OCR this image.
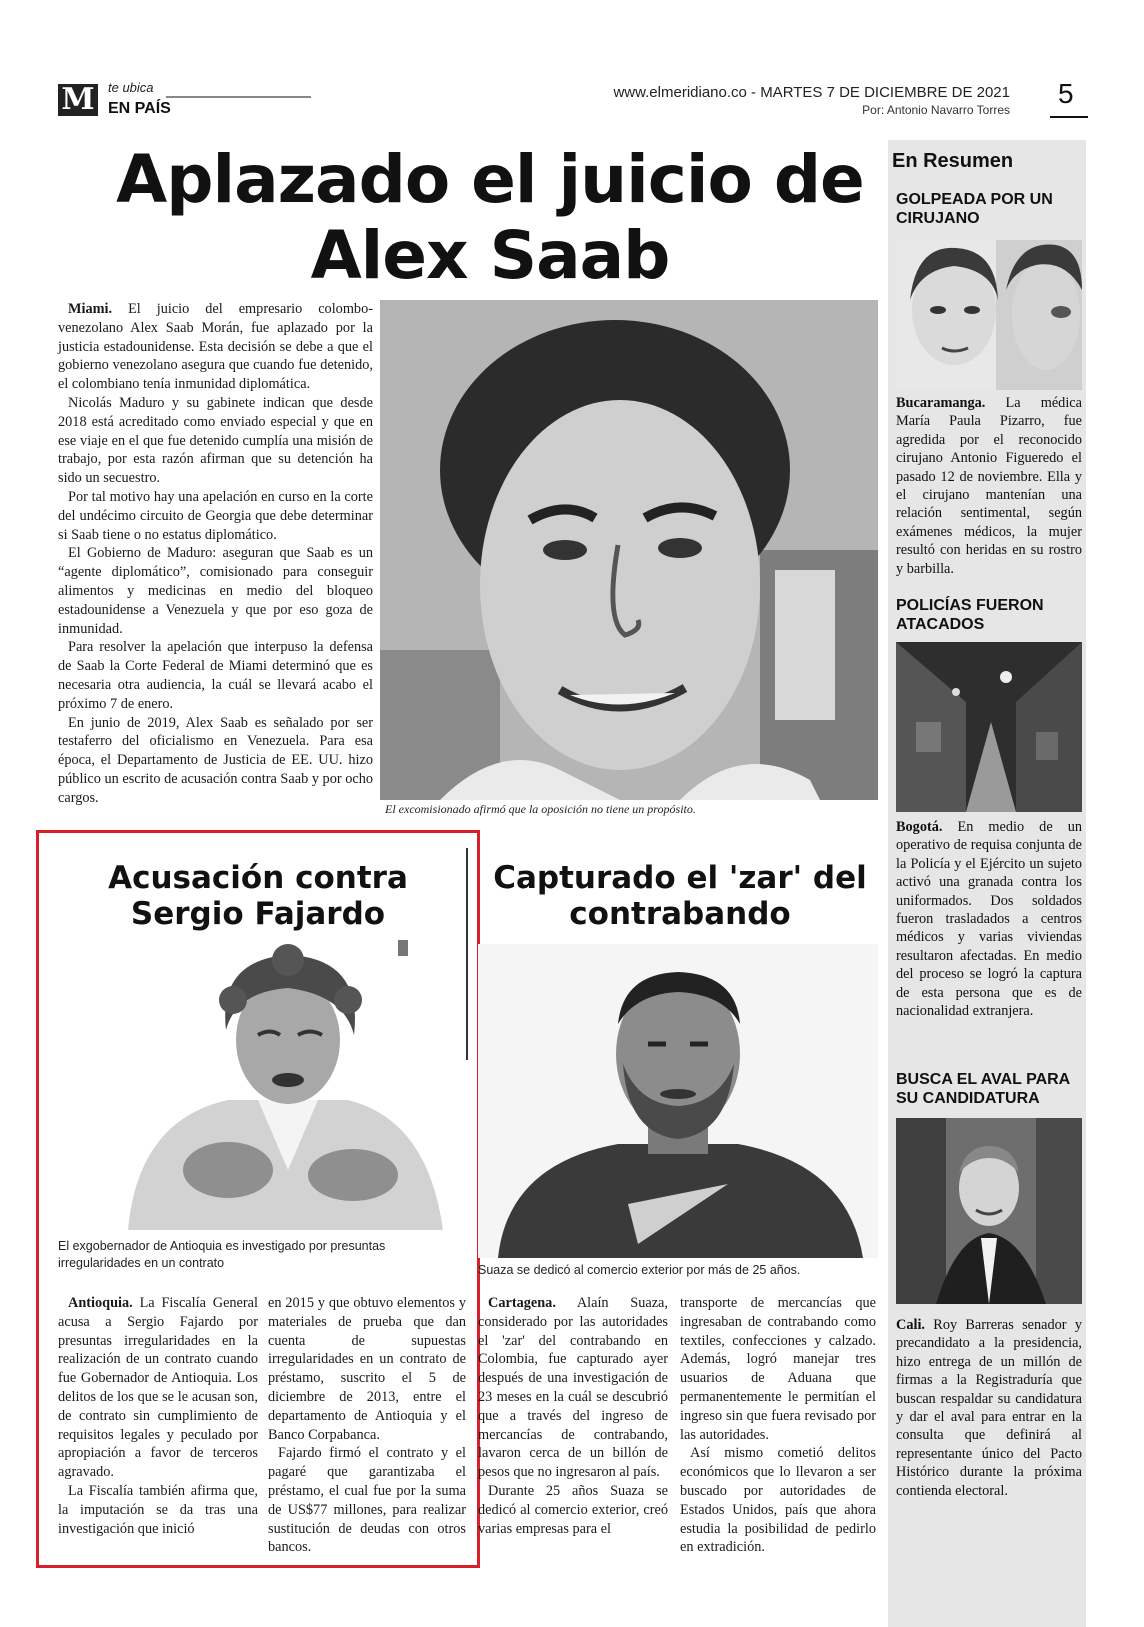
M te ubica
EN PAÍS
www.elmeridiano.co - MARTES 7 DE DICIEMBRE DE 2021
Por: Antonio Navarro Torres
5
Aplazado el juicio de Alex Saab

Miami. El juicio del empresario colombo-venezolano Alex Saab Morán, fue aplazado por la justicia estadounidense. Esta decisión se debe a que el gobierno venezolano asegura que cuando fue detenido, el colombiano tenía inmunidad diplomática.

Nicolás Maduro y su gabinete indican que desde 2018 está acreditado como enviado especial y que en ese viaje en el que fue detenido cumplía una misión de trabajo, por esta razón afirman que su detención ha sido un secuestro.

Por tal motivo hay una apelación en curso en la corte del undécimo circuito de Georgia que debe determinar si Saab tiene o no estatus diplomático.

El Gobierno de Maduro: aseguran que Saab es un “agente diplomático”, comisionado para conseguir alimentos y medicinas en medio del bloqueo estadounidense a Venezuela y que por eso goza de inmunidad.

Para resolver la apelación que interpuso la defensa de Saab la Corte Federal de Miami determinó que es necesaria otra audiencia, la cuál se llevará acabo el próximo 7 de enero.

En junio de 2019, Alex Saab es señalado por ser testaferro del oficialismo en Venezuela. Para esa época, el Departamento de Justicia de EE. UU. hizo público un escrito de acusación contra Saab y por ocho cargos.

El excomisionado afirmó que la oposición no tiene un propósito.
En Resumen
GOLPEADA POR UN CIRUJANO
Bucaramanga. La médica María Paula Pizarro, fue agredida por el reconocido cirujano Antonio Figueredo el pasado 12 de noviembre. Ella y el cirujano mantenían una relación sentimental, según exámenes médicos, la mujer resultó con heridas en su rostro y barbilla.
POLICÍAS FUERON ATACADOS
Bogotá. En medio de un operativo de requisa conjunta de la Policía y el Ejército un sujeto activó una granada contra los uniformados. Dos soldados fueron trasladados a centros médicos y varias viviendas resultaron afectadas. En medio del proceso se logró la captura de esta persona que es de nacionalidad extranjera.
BUSCA EL AVAL PARA SU CANDIDATURA
Cali. Roy Barreras senador y precandidato a la presidencia, hizo entrega de un millón de firmas a la Registraduría que buscan respaldar su candidatura y dar el aval para entrar en la consulta que definirá al representante único del Pacto Histórico durante la próxima contienda electoral.
Acusación contra Sergio Fajardo
El exgobernador de Antioquia es investigado por presuntas irregularidades en un contrato

Antioquia. La Fiscalía General acusa a Sergio Fajardo por presuntas irregularidades en la realización de un contrato cuando fue Gobernador de Antioquia. Los delitos de los que se le acusan son, de contrato sin cumplimiento de requisitos legales y peculado por apropiación a favor de terceros agravado.

La Fiscalía también afirma que, la imputación se da tras una investigación que inició

en 2015 y que obtuvo elementos y materiales de prueba que dan cuenta de supuestas irregularidades en un contrato de préstamo, suscrito el 5 de diciembre de 2013, entre el departamento de Antioquia y el Banco Corpabanca.

Fajardo firmó el contrato y el pagaré que garantizaba el préstamo, el cual fue por la suma de US$77 millones, para realizar sustitución de deudas con otros bancos.

Capturado el 'zar' del contrabando
Suaza se dedicó al comercio exterior por más de 25 años.

Cartagena. Alaín Suaza, considerado por las autoridades el 'zar' del contrabando en Colombia, fue capturado ayer después de una investigación de 23 meses en la cuál se descubrió que a través del ingreso de mercancías de contrabando, lavaron cerca de un billón de pesos que no ingresaron al país.

Durante 25 años Suaza se dedicó al comercio exterior, creó varias empresas para el

transporte de mercancías que ingresaban de contrabando como textiles, confecciones y calzado. Además, logró manejar tres usuarios de Aduana que permanentemente le permitían el ingreso sin que fuera revisado por las autoridades.

Así mismo cometió delitos económicos que lo llevaron a ser buscado por autoridades de Estados Unidos, país que ahora estudia la posibilidad de pedirlo en extradición.
